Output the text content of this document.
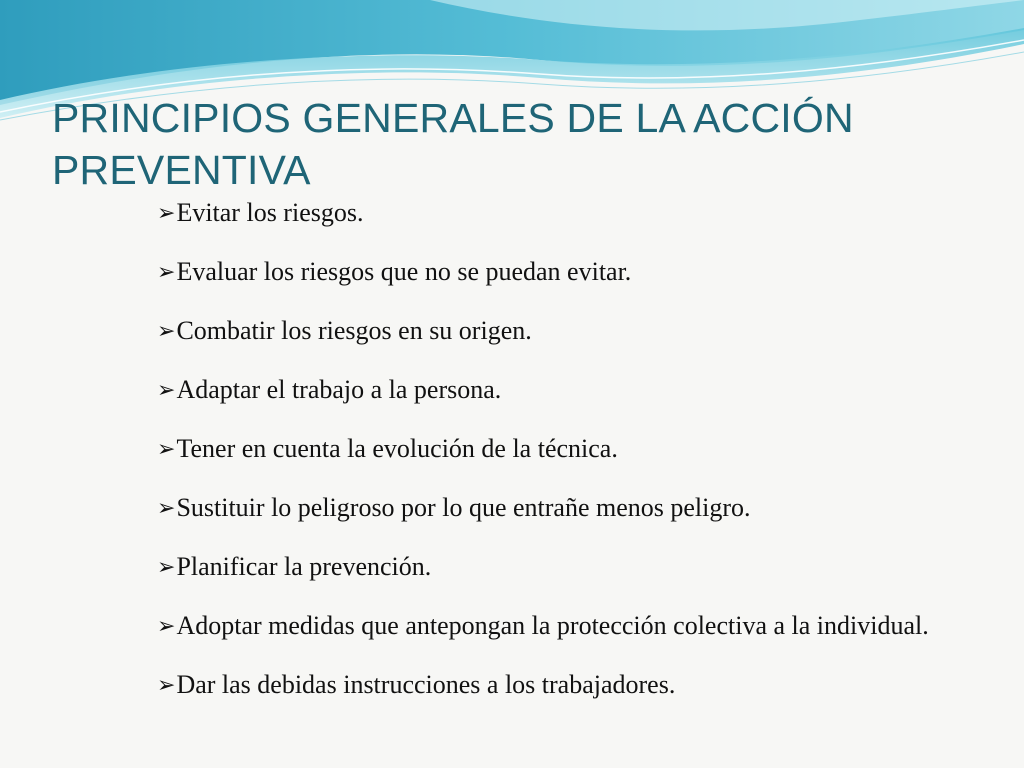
PRINCIPIOS GENERALES DE LA ACCIÓN PREVENTIVA
➢Evitar los riesgos.
➢Evaluar los riesgos que no se puedan evitar.
➢Combatir los riesgos en su origen.
➢Adaptar el trabajo a la persona.
➢Tener en cuenta la evolución de la técnica.
➢Sustituir lo peligroso por lo que entrañe menos peligro.
➢Planificar la prevención.
➢Adoptar medidas que antepongan la protección colectiva a la individual.
➢Dar las debidas instrucciones a los trabajadores.
